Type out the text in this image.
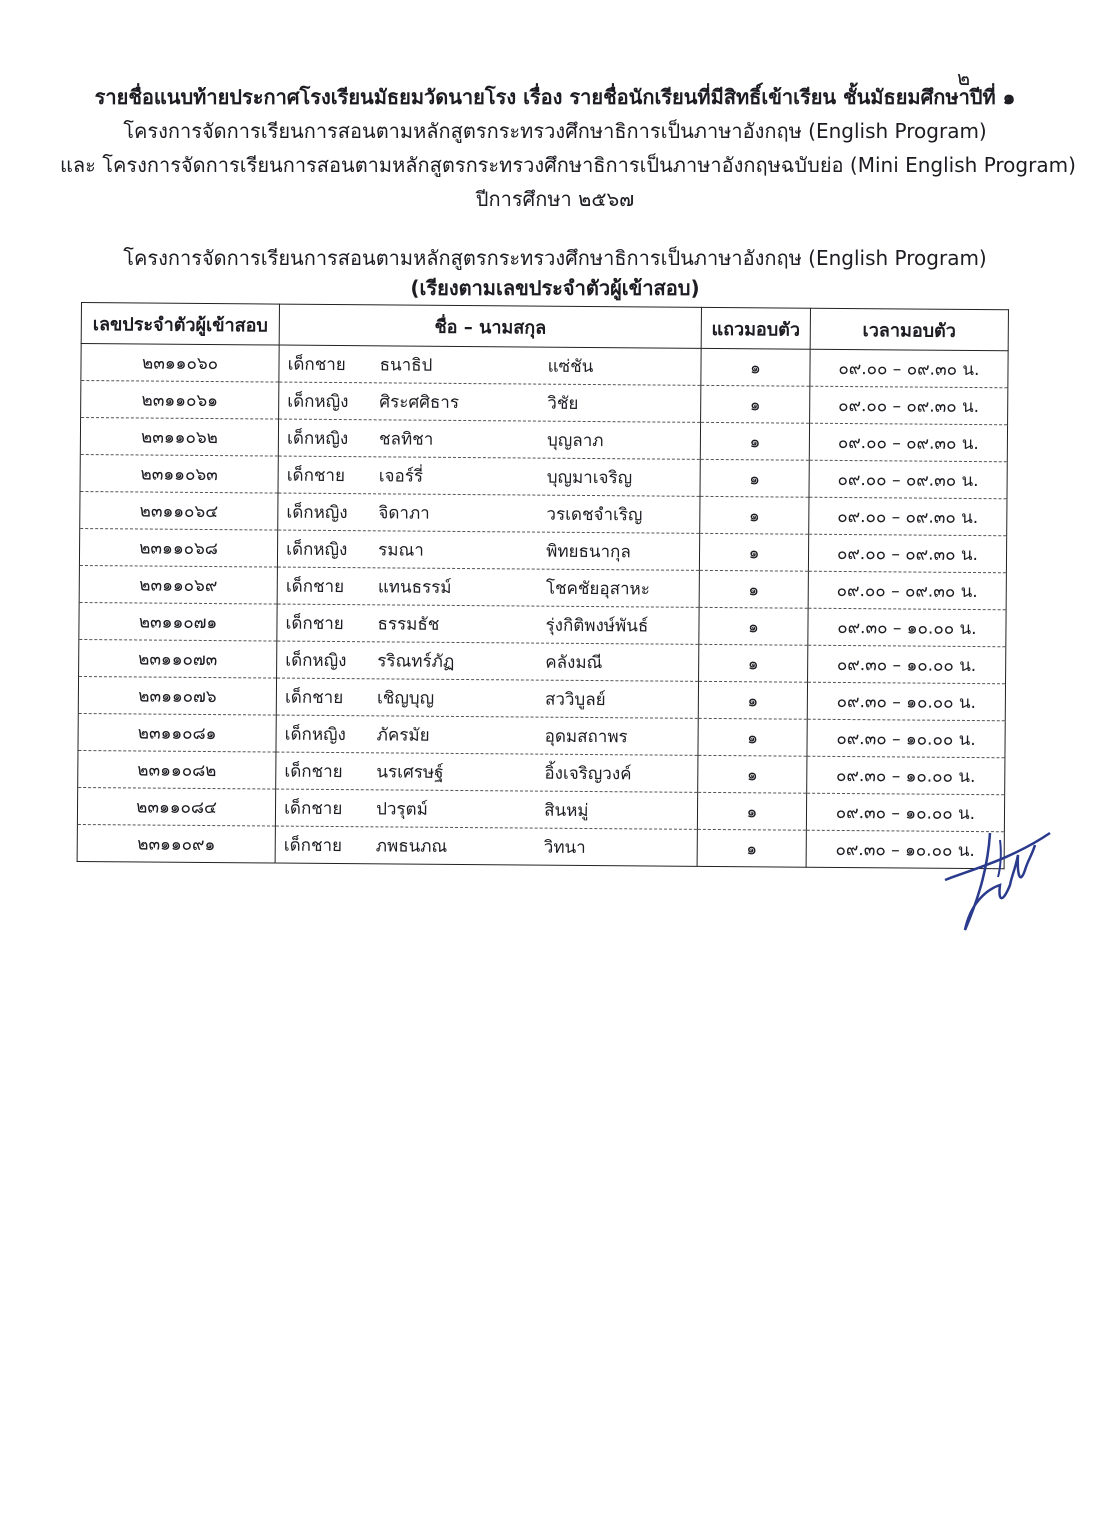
๒
รายชื่อแนบท้ายประกาศโรงเรียนมัธยมวัดนายโรง เรื่อง รายชื่อนักเรียนที่มีสิทธิ์เข้าเรียน ชั้นมัธยมศึกษาปีที่ ๑
โครงการจัดการเรียนการสอนตามหลักสูตรกระทรวงศึกษาธิการเป็นภาษาอังกฤษ (English Program)
และ โครงการจัดการเรียนการสอนตามหลักสูตรกระทรวงศึกษาธิการเป็นภาษาอังกฤษฉบับย่อ (Mini English Program)
ปีการศึกษา ๒๕๖๗
โครงการจัดการเรียนการสอนตามหลักสูตรกระทรวงศึกษาธิการเป็นภาษาอังกฤษ (English Program)
(เรียงตามเลขประจำตัวผู้เข้าสอบ)
เลขประจำตัวผู้เข้าสอบ	ชื่อ – นามสกุล	แถวมอบตัว	เวลามอบตัว
๒๓๑๑๐๖๐	เด็กชาย ธนาธิป แซ่ชัน	๑	๐๙.๐๐ – ๐๙.๓๐ น.
๒๓๑๑๐๖๑	เด็กหญิง ศิระศศิธาร วิชัย	๑	๐๙.๐๐ – ๐๙.๓๐ น.
๒๓๑๑๐๖๒	เด็กหญิง ชลทิชา บุญลาภ	๑	๐๙.๐๐ – ๐๙.๓๐ น.
๒๓๑๑๐๖๓	เด็กชาย เจอร์รี่ บุญมาเจริญ	๑	๐๙.๐๐ – ๐๙.๓๐ น.
๒๓๑๑๐๖๔	เด็กหญิง จิดาภา วรเดชจำเริญ	๑	๐๙.๐๐ – ๐๙.๓๐ น.
๒๓๑๑๐๖๘	เด็กหญิง รมณา พิทยธนากุล	๑	๐๙.๐๐ – ๐๙.๓๐ น.
๒๓๑๑๐๖๙	เด็กชาย แทนธรรม์ โชคชัยอุสาหะ	๑	๐๙.๐๐ – ๐๙.๓๐ น.
๒๓๑๑๐๗๑	เด็กชาย ธรรมธัช รุ่งกิติพงษ์พันธ์	๑	๐๙.๓๐ – ๑๐.๐๐ น.
๒๓๑๑๐๗๓	เด็กหญิง รริณทร์ภัฏ คลังมณี	๑	๐๙.๓๐ – ๑๐.๐๐ น.
๒๓๑๑๐๗๖	เด็กชาย เชิญบุญ สววิบูลย์	๑	๐๙.๓๐ – ๑๐.๐๐ น.
๒๓๑๑๐๘๑	เด็กหญิง ภัครมัย อุดมสถาพร	๑	๐๙.๓๐ – ๑๐.๐๐ น.
๒๓๑๑๐๘๒	เด็กชาย นรเศรษฐ์ อิ้งเจริญวงค์	๑	๐๙.๓๐ – ๑๐.๐๐ น.
๒๓๑๑๐๘๔	เด็กชาย ปวรุตม์ สินหมู่	๑	๐๙.๓๐ – ๑๐.๐๐ น.
๒๓๑๑๐๙๑	เด็กชาย ภพธนภณ วิทนา	๑	๐๙.๓๐ – ๑๐.๐๐ น.
